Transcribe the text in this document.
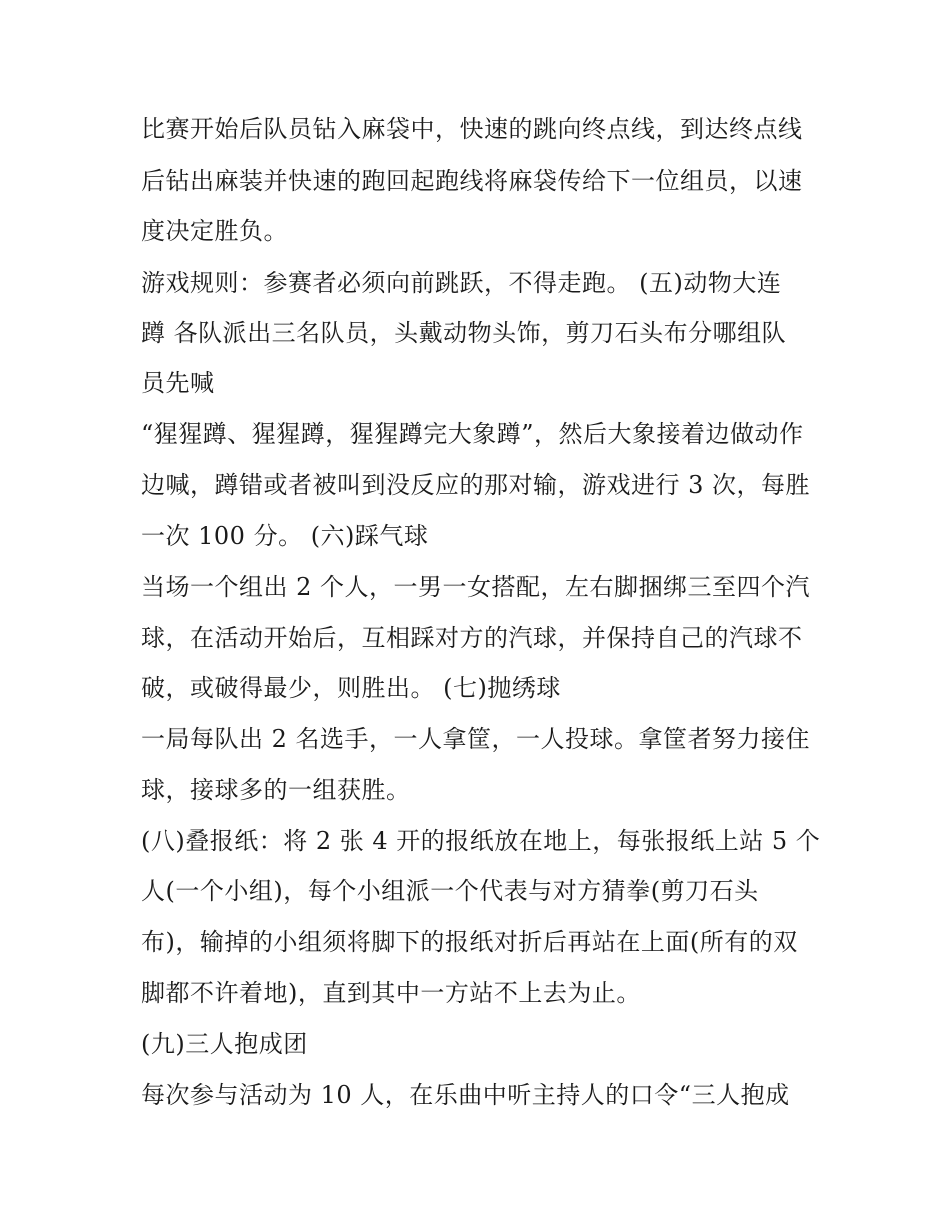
比赛开始后队员钻入麻袋中，快速的跳向终点线，到达终点线
后钻出麻装并快速的跑回起跑线将麻袋传给下一位组员，以速
度决定胜负。
游戏规则：参赛者必须向前跳跃，不得走跑。 (五)动物大连
蹲 各队派出三名队员，头戴动物头饰，剪刀石头布分哪组队
员先喊
“猩猩蹲、猩猩蹲，猩猩蹲完大象蹲”，然后大象接着边做动作
边喊，蹲错或者被叫到没反应的那对输，游戏进行 3 次，每胜
一次 100 分。 (六)踩气球
当场一个组出 2 个人，一男一女搭配，左右脚捆绑三至四个汽
球，在活动开始后，互相踩对方的汽球，并保持自己的汽球不
破，或破得最少，则胜出。 (七)抛绣球
一局每队出 2 名选手，一人拿筐，一人投球。拿筐者努力接住
球，接球多的一组获胜。
(八)叠报纸：将 2 张 4 开的报纸放在地上，每张报纸上站 5 个
人(一个小组)，每个小组派一个代表与对方猜拳(剪刀石头
布)，输掉的小组须将脚下的报纸对折后再站在上面(所有的双
脚都不许着地)，直到其中一方站不上去为止。
(九)三人抱成团
每次参与活动为 10 人，在乐曲中听主持人的口令“三人抱成
